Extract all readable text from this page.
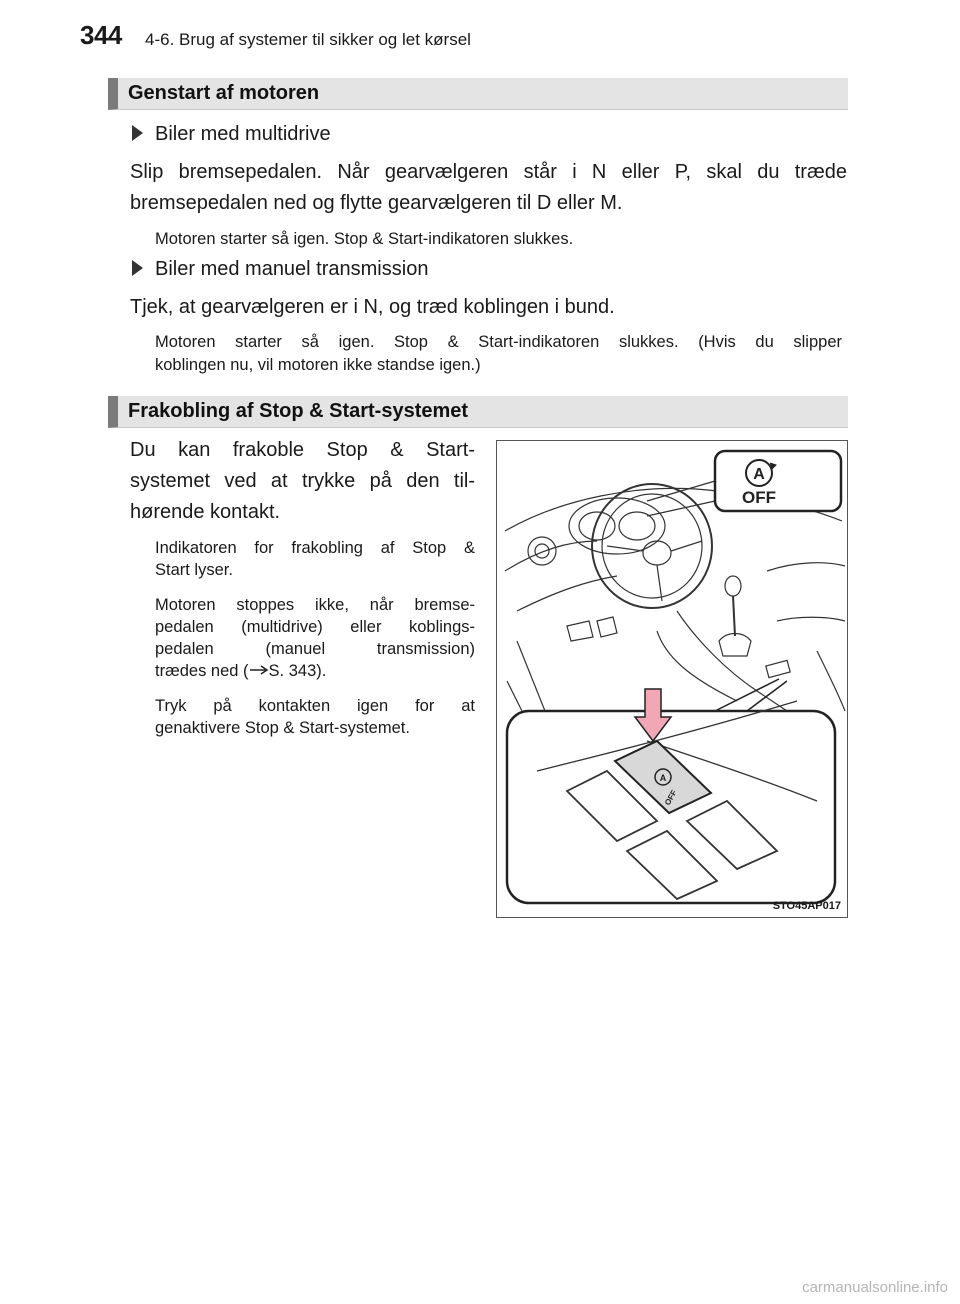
344 4-6. Brug af systemer til sikker og let kørsel
Genstart af motoren
Biler med multidrive
Slip bremsepedalen. Når gearvælgeren står i N eller P, skal du træde
bremsepedalen ned og flytte gearvælgeren til D eller M.
Motoren starter så igen. Stop & Start-indikatoren slukkes.
Biler med manuel transmission
Tjek, at gearvælgeren er i N, og træd koblingen i bund.
Motoren starter så igen. Stop & Start-indikatoren slukkes. (Hvis du slipper
koblingen nu, vil motoren ikke standse igen.)
Frakobling af Stop & Start-systemet
Du kan frakoble Stop & Start-
systemet ved at trykke på den til-
hørende kontakt.
Indikatoren for frakobling af Stop &
Start lyser.
Motoren stoppes ikke, når bremse-
pedalen (multidrive) eller koblings-
pedalen (manuel transmission)
trædes ned ( S. 343).
Tryk på kontakten igen for at
genaktivere Stop & Start-systemet.
A
OFF
A
OFF
STO45AP017
carmanualsonline.info
